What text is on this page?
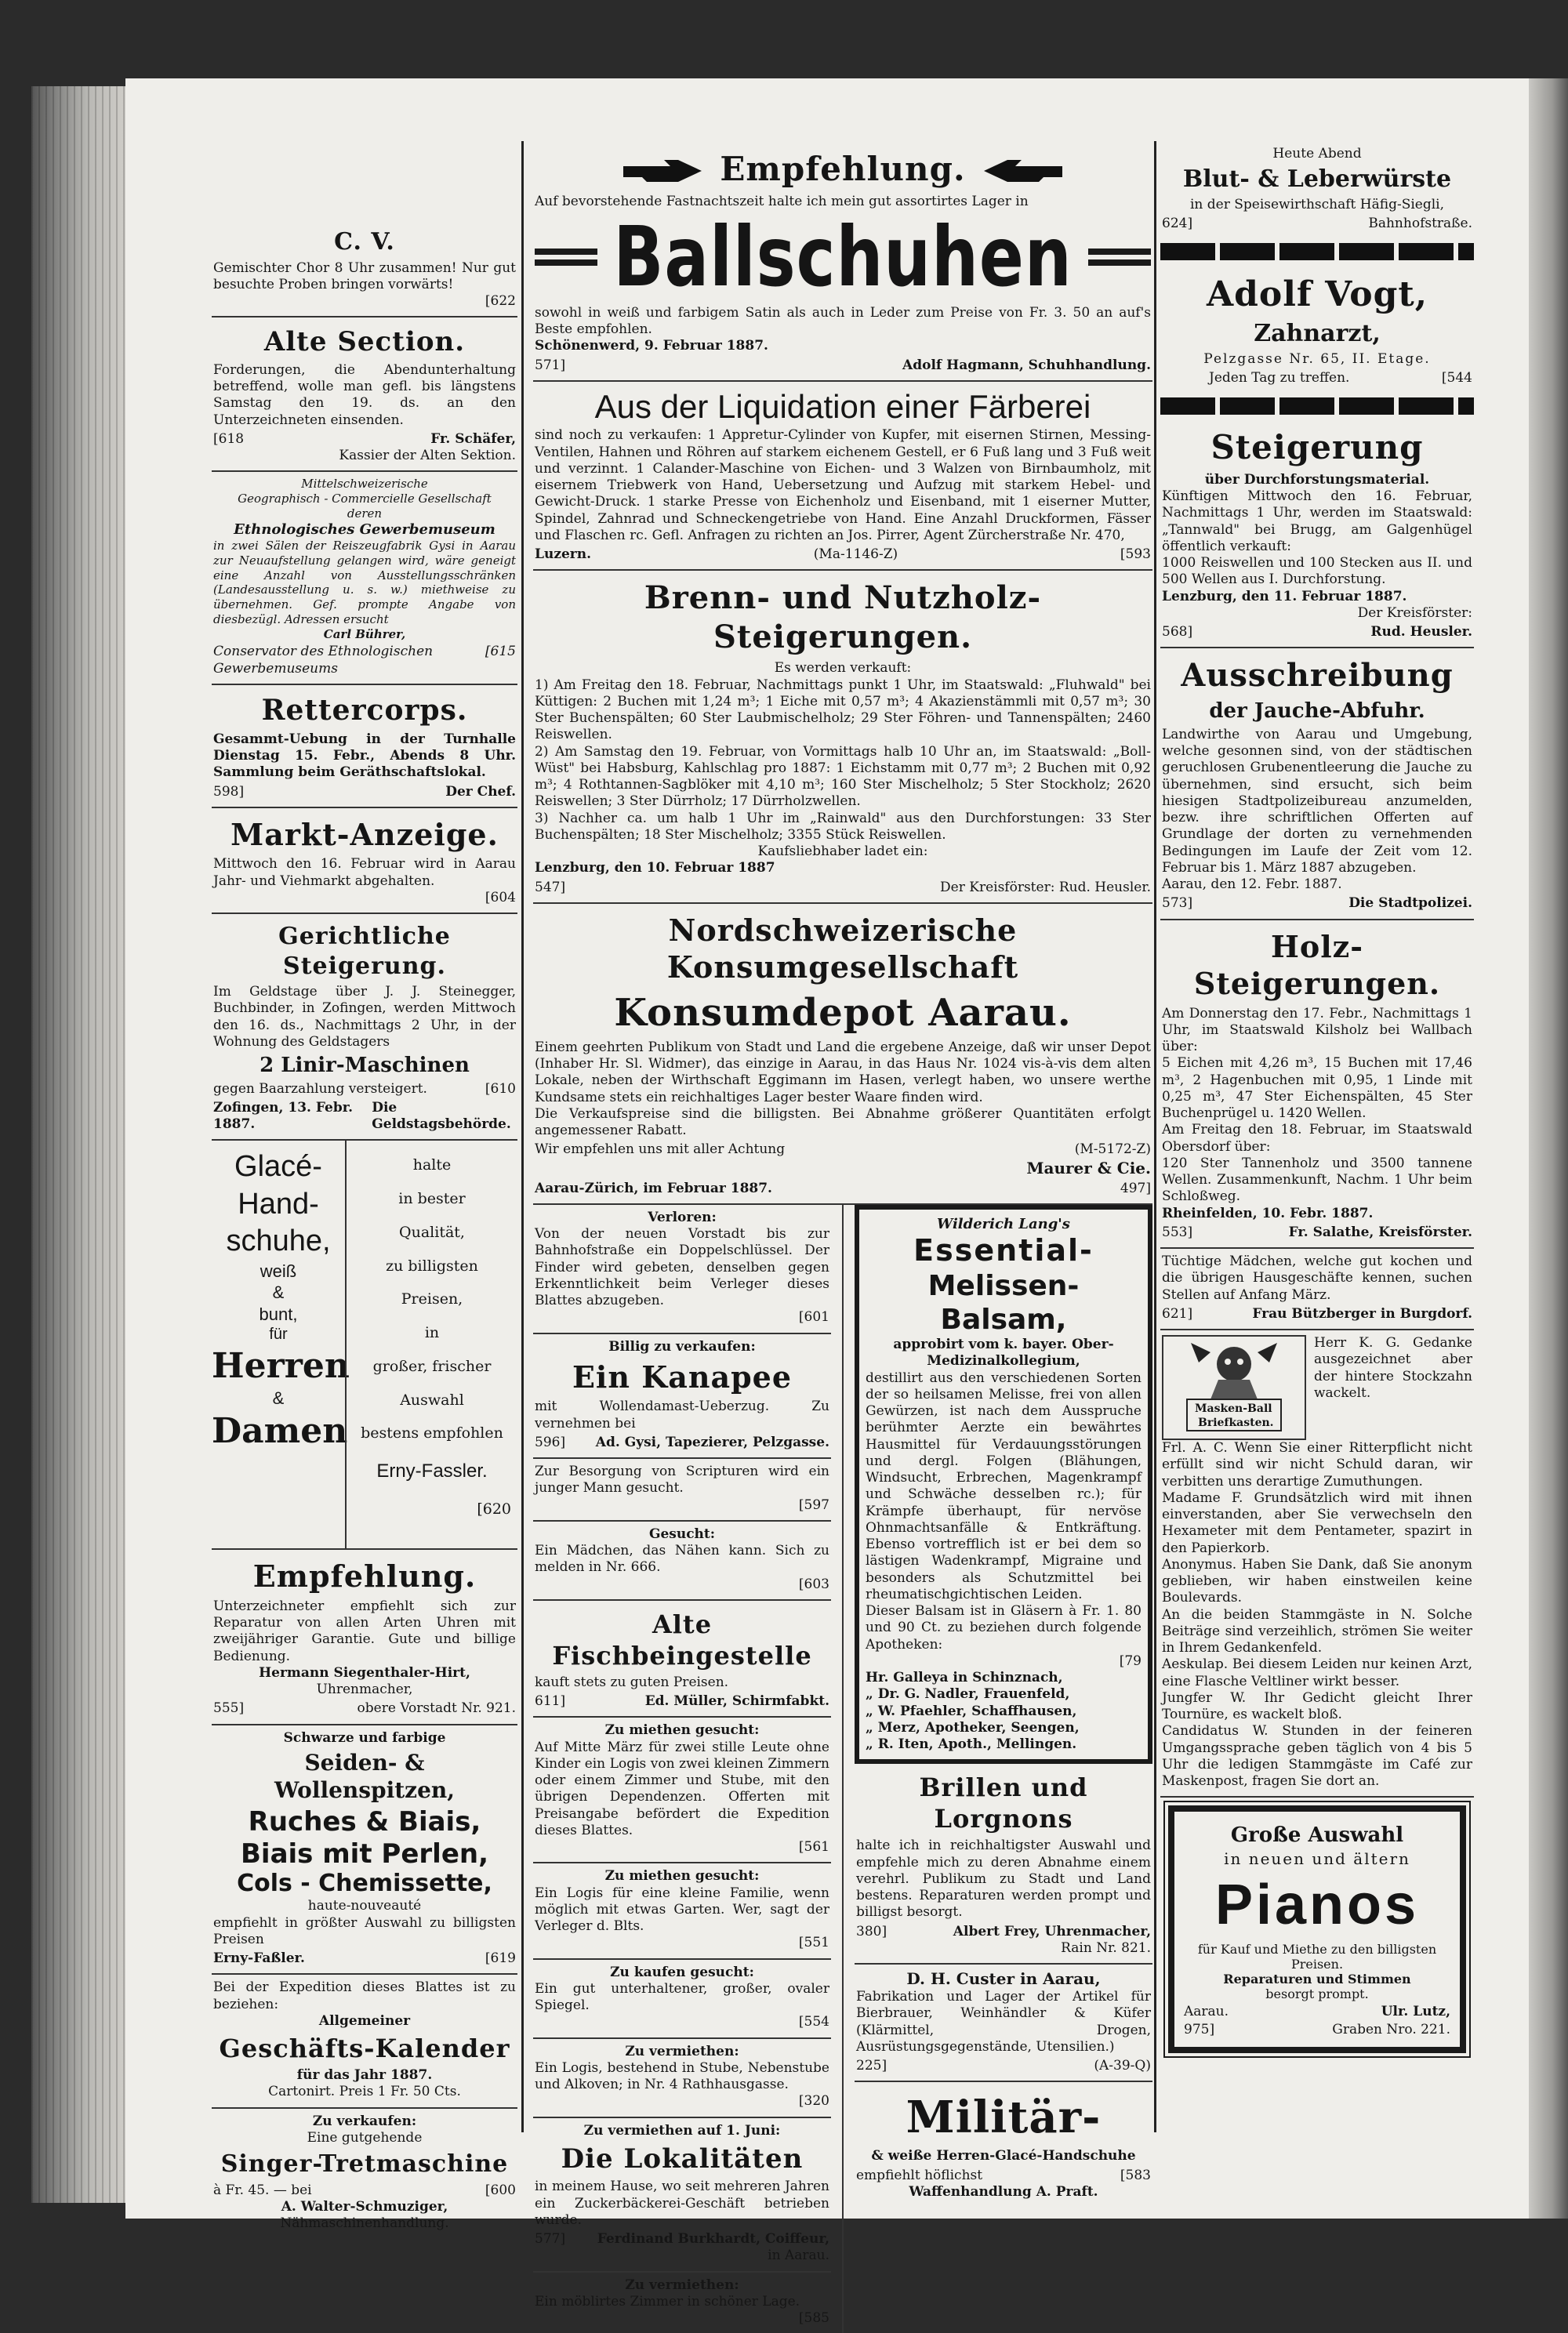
C. V.

Gemischter Chor 8 Uhr zusammen! Nur gut besuchte Proben bringen vorwärts!

[622
Alte Section.

Forderungen, die Abendunterhaltung betreffend, wolle man gefl. bis längstens Samstag den 19. ds. an den Unterzeichneten einsenden.

[618	Fr. Schäfer,
Kassier der Alten Sektion.
Mittelschweizerische
Geographisch - Commercielle Gesellschaft
deren
Ethnologisches Gewerbemuseum

in zwei Sälen der Reiszeugfabrik Gysi in Aarau zur Neuaufstellung gelangen wird, wäre geneigt eine Anzahl von Ausstellungsschränken (Landesausstellung u. s. w.) miethweise zu übernehmen. Gef. prompte Angabe von diesbezügl. Adressen ersucht

Carl Bührer,
Conservator des Ethnologischen Gewerbemuseums
[615
Rettercorps.

Gesammt-Uebung in der Turnhalle Dienstag 15. Febr., Abends 8 Uhr. Sammlung beim Geräthschaftslokal.

598]	Der Chef.
Markt-Anzeige.

Mittwoch den 16. Februar wird in Aarau Jahr- und Viehmarkt abgehalten.

[604
Gerichtliche Steigerung.

Im Geldstage über J. J. Steinegger, Buchbinder, in Zofingen, werden Mittwoch den 16. ds., Nachmittags 2 Uhr, in der Wohnung des Geldstagers

2 Linir-Maschinen
gegen Baarzahlung versteigert.	[610
Zofingen, 13. Febr. 1887.
Die Geldstagsbehörde.
Glacé-
Hand-
schuhe,
weiß
&
bunt,
für
Herren
&
Damen
halte
in bester
Qualität,
zu billigsten
Preisen,
in
großer, frischer
Auswahl
bestens empfohlen
Erny-Fassler.
[620
Empfehlung.

Unterzeichneter empfiehlt sich zur Reparatur von allen Arten Uhren mit zweijähriger Garantie. Gute und billige Bedienung.

Hermann Siegenthaler-Hirt,
Uhrenmacher,
555]	obere Vorstadt Nr. 921.
Schwarze und farbige
Seiden- & Wollenspitzen,
Ruches & Biais,
Biais mit Perlen,
Cols - Chemissette,
haute-nouveauté

empfiehlt in größter Auswahl zu billigsten Preisen

Erny-Faßler.	[619

Bei der Expedition dieses Blattes ist zu beziehen:

Allgemeiner
Geschäfts-Kalender
für das Jahr 1887.
Cartonirt. Preis 1 Fr. 50 Cts.
Zu verkaufen:
Eine gutgehende
Singer-Tretmaschine
à Fr. 45. — bei	[600
A. Walter-Schmuziger,
Nähmaschinenhandlung.
Empfehlung.

Auf bevorstehende Fastnachtszeit halte ich mein gut assortirtes Lager in

Ballschuhen

sowohl in weiß und farbigem Satin als auch in Leder zum Preise von Fr. 3. 50 an auf's Beste empfohlen.

Schönenwerd, 9. Februar 1887.
571]	Adolf Hagmann, Schuhhandlung.
Aus der Liquidation einer Färberei

sind noch zu verkaufen: 1 Appretur-Cylinder von Kupfer, mit eisernen Stirnen, Messing-Ventilen, Hahnen und Röhren auf starkem eichenem Gestell, er 6 Fuß lang und 3 Fuß weit und verzinnt. 1 Calander-Maschine von Eichen- und 3 Walzen von Birnbaumholz, mit eisernem Triebwerk von Hand, Uebersetzung und Aufzug mit starkem Hebel- und Gewicht-Druck. 1 starke Presse von Eichenholz und Eisenband, mit 1 eiserner Mutter, Spindel, Zahnrad und Schneckengetriebe von Hand. Eine Anzahl Druckformen, Fässer und Flaschen rc. Gefl. Anfragen zu richten an Jos. Pirrer, Agent Zürcherstraße Nr. 470,

Luzern.	(Ma-1146-Z)	[593
Brenn- und Nutzholz-Steigerungen.
Es werden verkauft:

1) Am Freitag den 18. Februar, Nachmittags punkt 1 Uhr, im Staatswald: „Fluhwald" bei Küttigen: 2 Buchen mit 1,24 m³; 1 Eiche mit 0,57 m³; 4 Akazienstämmli mit 0,57 m³; 30 Ster Buchenspälten; 60 Ster Laubmischelholz; 29 Ster Föhren- und Tannenspälten; 2460 Reiswellen.

2) Am Samstag den 19. Februar, von Vormittags halb 10 Uhr an, im Staatswald: „Boll-Wüst" bei Habsburg, Kahlschlag pro 1887: 1 Eichstamm mit 0,77 m³; 2 Buchen mit 0,92 m³; 4 Rothtannen-Sagblöker mit 4,10 m³; 160 Ster Mischelholz; 5 Ster Stockholz; 2620 Reiswellen; 3 Ster Dürrholz; 17 Dürrholzwellen.

3) Nachher ca. um halb 1 Uhr im „Rainwald" aus den Durchforstungen: 33 Ster Buchenspälten; 18 Ster Mischelholz; 3355 Stück Reiswellen.

Kaufsliebhaber ladet ein:
Lenzburg, den 10. Februar 1887
547]	Der Kreisförster: Rud. Heusler.
Nordschweizerische Konsumgesellschaft
Konsumdepot Aarau.

Einem geehrten Publikum von Stadt und Land die ergebene Anzeige, daß wir unser Depot (Inhaber Hr. Sl. Widmer), das einzige in Aarau, in das Haus Nr. 1024 vis-à-vis dem alten Lokale, neben der Wirthschaft Eggimann im Hasen, verlegt haben, wo unsere werthe Kundsame stets ein reichhaltiges Lager bester Waare finden wird.

Die Verkaufspreise sind die billigsten. Bei Abnahme größerer Quantitäten erfolgt angemessener Rabatt.

Wir empfehlen uns mit aller Achtung	(M-5172-Z)
Maurer & Cie.
Aarau-Zürich, im Februar 1887.	497]
Verloren:

Von der neuen Vorstadt bis zur Bahnhofstraße ein Doppelschlüssel. Der Finder wird gebeten, denselben gegen Erkenntlichkeit beim Verleger dieses Blattes abzugeben.

[601
Billig zu verkaufen:
Ein Kanapee

mit Wollendamast-Ueberzug. Zu vernehmen bei

596] Ad. Gysi, Tapezierer, Pelzgasse.

Zur Besorgung von Scripturen wird ein junger Mann gesucht.

[597
Gesucht:

Ein Mädchen, das Nähen kann. Sich zu melden in Nr. 666.

[603
Alte Fischbeingestelle

kauft stets zu guten Preisen.

611]	Ed. Müller, Schirmfabkt.
Zu miethen gesucht:

Auf Mitte März für zwei stille Leute ohne Kinder ein Logis von zwei kleinen Zimmern oder einem Zimmer und Stube, mit den übrigen Dependenzen. Offerten mit Preisangabe befördert die Expedition dieses Blattes.

[561
Zu miethen gesucht:

Ein Logis für eine kleine Familie, wenn möglich mit etwas Garten. Wer, sagt der Verleger d. Blts.

[551
Zu kaufen gesucht:

Ein gut unterhaltener, großer, ovaler Spiegel.

[554
Zu vermiethen:

Ein Logis, bestehend in Stube, Nebenstube und Alkoven; in Nr. 4 Rathhausgasse.

[320
Zu vermiethen auf 1. Juni:
Die Lokalitäten

in meinem Hause, wo seit mehreren Jahren ein Zuckerbäckerei-Geschäft betrieben wurde.

577] Ferdinand Burkhardt, Coiffeur,
in Aarau.
Zu vermiethen:

Ein möblirtes Zimmer in schöner Lage.

[585
Wilderich Lang's
Essential-
Melissen-Balsam,
approbirt vom k. bayer. Ober-Medizinalkollegium,

destillirt aus den verschiedenen Sorten der so heilsamen Melisse, frei von allen Gewürzen, ist nach dem Ausspruche berühmter Aerzte ein bewährtes Hausmittel für Verdauungsstörungen und dergl. Folgen (Blähungen, Windsucht, Erbrechen, Magenkrampf und Schwäche desselben rc.); für Krämpfe überhaupt, für nervöse Ohnmachtsanfälle & Entkräftung. Ebenso vortrefflich ist er bei dem so lästigen Wadenkrampf, Migraine und besonders als Schutzmittel bei rheumatischgichtischen Leiden.

Dieser Balsam ist in Gläsern à Fr. 1. 80 und 90 Ct. zu beziehen durch folgende Apotheken:

[79
Hr. Galleya in Schinznach,
„ Dr. G. Nadler, Frauenfeld,
„ W. Pfaehler, Schaffhausen,
„ Merz, Apotheker, Seengen,
„ R. Iten, Apoth., Mellingen.
Brillen und Lorgnons

halte ich in reichhaltigster Auswahl und empfehle mich zu deren Abnahme einem verehrl. Publikum zu Stadt und Land bestens. Reparaturen werden prompt und billigst besorgt.

380]	Albert Frey, Uhrenmacher,
Rain Nr. 821.
D. H. Custer in Aarau,

Fabrikation und Lager der Artikel für Bierbrauer, Weinhändler & Küfer (Klärmittel, Drogen, Ausrüstungsgegenstände, Utensilien.)

225]	(A-39-Q)
Militär-
& weiße Herren-Glacé-Handschuhe
empfiehlt höflichst	[583
Waffenhandlung A. Praft.
Heute Abend
Blut- & Leberwürste
in der Speisewirthschaft Häfig-Siegli,
624]	Bahnhofstraße.
Adolf Vogt,
Zahnarzt,
Pelzgasse Nr. 65, II. Etage.
Jeden Tag zu treffen.	[544
Steigerung
über Durchforstungsmaterial.

Künftigen Mittwoch den 16. Februar, Nachmittags 1 Uhr, werden im Staatswald: „Tannwald" bei Brugg, am Galgenhügel öffentlich verkauft:

1000 Reiswellen und 100 Stecken aus II. und 500 Wellen aus I. Durchforstung.

Lenzburg, den 11. Februar 1887.
Der Kreisförster:
568]	Rud. Heusler.
Ausschreibung
der Jauche-Abfuhr.

Landwirthe von Aarau und Umgebung, welche gesonnen sind, von der städtischen geruchlosen Grubenentleerung die Jauche zu übernehmen, sind ersucht, sich beim hiesigen Stadtpolizeibureau anzumelden, bezw. ihre schriftlichen Offerten auf Grundlage der dorten zu vernehmenden Bedingungen im Laufe der Zeit vom 12. Februar bis 1. März 1887 abzugeben.

Aarau, den 12. Febr. 1887.
573]	Die Stadtpolizei.
Holz-Steigerungen.

Am Donnerstag den 17. Febr., Nachmittags 1 Uhr, im Staatswald Kilsholz bei Wallbach über:

5 Eichen mit 4,26 m³, 15 Buchen mit 17,46 m³, 2 Hagenbuchen mit 0,95, 1 Linde mit 0,25 m³, 47 Ster Eichenspälten, 45 Ster Buchenprügel u. 1420 Wellen.

Am Freitag den 18. Februar, im Staatswald Obersdorf über:

120 Ster Tannenholz und 3500 tannene Wellen. Zusammenkunft, Nachm. 1 Uhr beim Schloßweg.

Rheinfelden, 10. Febr. 1887.
553]	Fr. Salathe, Kreisförster.

Tüchtige Mädchen, welche gut kochen und die übrigen Hausgeschäfte kennen, suchen Stellen auf Anfang März.

621]	Frau Bützberger in Burgdorf.
Masken-Ball
Briefkasten.

Herr K. G. Gedanke ausgezeichnet aber der hintere Stockzahn wackelt.

Frl. A. C. Wenn Sie einer Ritterpflicht nicht erfüllt sind wir nicht Schuld daran, wir verbitten uns derartige Zumuthungen.

Madame F. Grundsätzlich wird mit ihnen einverstanden, aber Sie verwechseln den Hexameter mit dem Pentameter, spazirt in den Papierkorb.

Anonymus. Haben Sie Dank, daß Sie anonym geblieben, wir haben einstweilen keine Boulevards.

An die beiden Stammgäste in N. Solche Beiträge sind verzeihlich, strömen Sie weiter in Ihrem Gedankenfeld.

Aeskulap. Bei diesem Leiden nur keinen Arzt, eine Flasche Veltliner wirkt besser.

Jungfer W. Ihr Gedicht gleicht Ihrer Tournüre, es wackelt bloß.

Candidatus W. Stunden in der feineren Umgangssprache geben täglich von 4 bis 5 Uhr die ledigen Stammgäste im Café zur Maskenpost, fragen Sie dort an.

Große Auswahl
in neuen und ältern
Pianos
für Kauf und Miethe zu den billigsten Preisen.
Reparaturen und Stimmen
besorgt prompt.
Aarau.	Ulr. Lutz,
975]	Graben Nro. 221.
